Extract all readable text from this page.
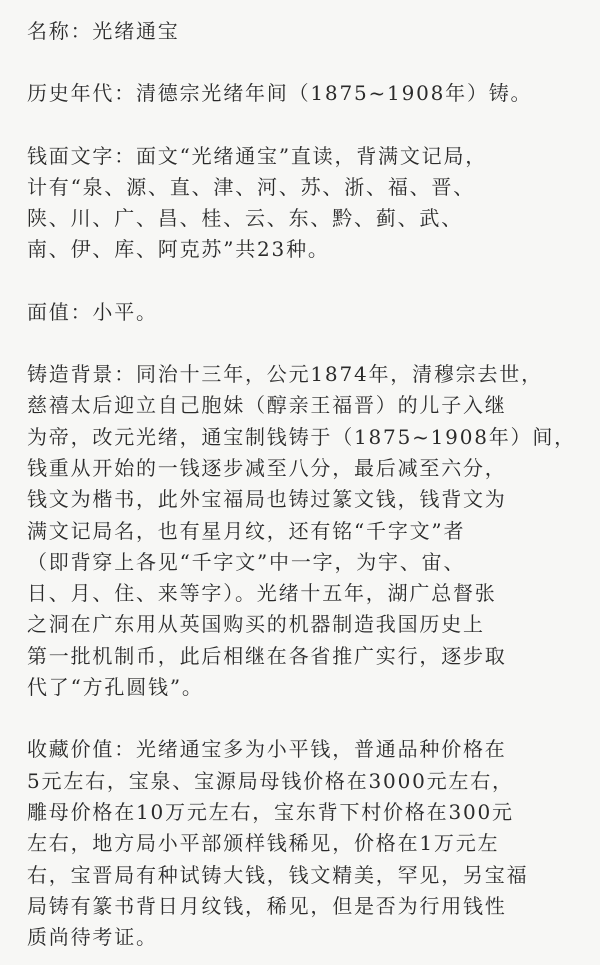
名称：光绪通宝

历史年代：清德宗光绪年间（1875~1908年）铸。

钱面文字：面文“光绪通宝”直读，背满文记局，
计有“泉、源、直、津、河、苏、浙、福、晋、
陕、川、广、昌、桂、云、东、黔、蓟、武、
南、伊、库、阿克苏”共23种。

面值：小平。

铸造背景：同治十三年，公元1874年，清穆宗去世，
慈禧太后迎立自己胞妹（醇亲王福晋）的儿子入继
为帝，改元光绪，通宝制钱铸于（1875~1908年）间，
钱重从开始的一钱逐步减至八分，最后减至六分，
钱文为楷书，此外宝福局也铸过篆文钱，钱背文为
满文记局名，也有星月纹，还有铭“千字文”者
（即背穿上各见“千字文”中一字，为宇、宙、
日、月、住、来等字）。光绪十五年，湖广总督张
之洞在广东用从英国购买的机器制造我国历史上
第一批机制币，此后相继在各省推广实行，逐步取
代了“方孔圆钱”。

收藏价值：光绪通宝多为小平钱，普通品种价格在
5元左右，宝泉、宝源局母钱价格在3000元左右，
雕母价格在10万元左右，宝东背下村价格在300元
左右，地方局小平部颁样钱稀见，价格在1万元左
右，宝晋局有种试铸大钱，钱文精美，罕见，另宝福
局铸有篆书背日月纹钱，稀见，但是否为行用钱性
质尚待考证。
